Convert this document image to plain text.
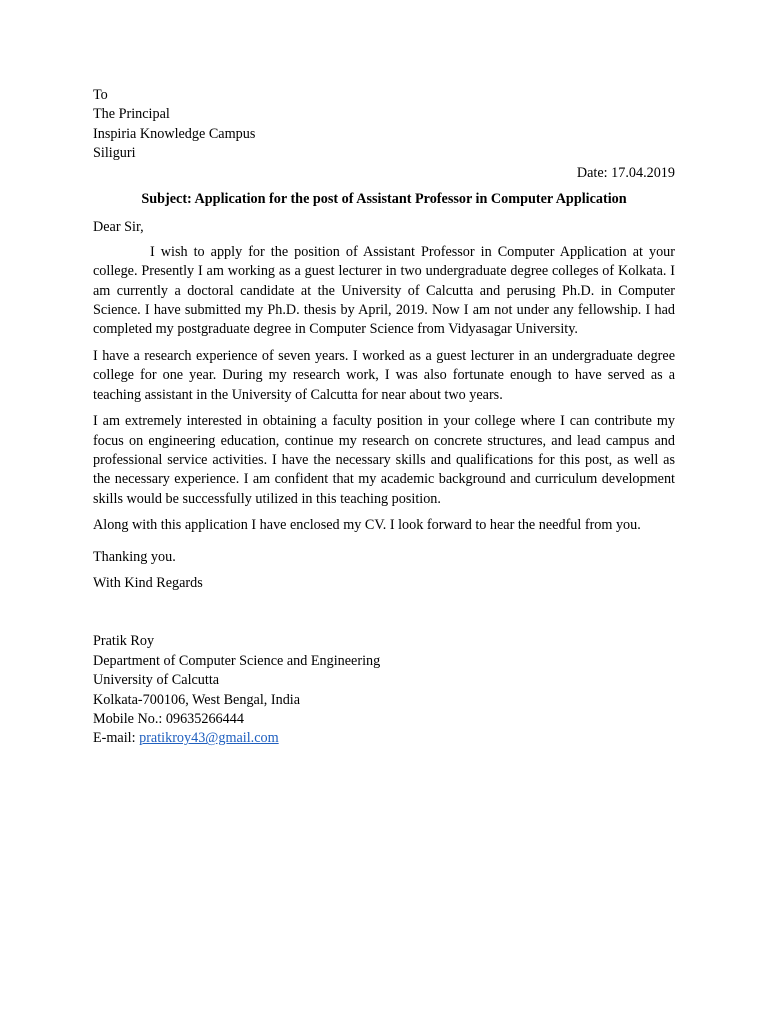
To
The Principal
Inspiria Knowledge Campus
Siliguri
Date: 17.04.2019
Subject: Application for the post of Assistant Professor in Computer Application
Dear Sir,
I wish to apply for the position of Assistant Professor in Computer Application at your college. Presently I am working as a guest lecturer in two undergraduate degree colleges of Kolkata. I am currently a doctoral candidate at the University of Calcutta and perusing Ph.D. in Computer Science. I have submitted my Ph.D. thesis by April, 2019. Now I am not under any fellowship. I had completed my postgraduate degree in Computer Science from Vidyasagar University.
I have a research experience of seven years. I worked as a guest lecturer in an undergraduate degree college for one year. During my research work, I was also fortunate enough to have served as a teaching assistant in the University of Calcutta for near about two years.
I am extremely interested in obtaining a faculty position in your college where I can contribute my focus on engineering education, continue my research on concrete structures, and lead campus and professional service activities. I have the necessary skills and qualifications for this post, as well as the necessary experience. I am confident that my academic background and curriculum development skills would be successfully utilized in this teaching position.
Along with this application I have enclosed my CV. I look forward to hear the needful from you.
Thanking you.
With Kind Regards
Pratik Roy
Department of Computer Science and Engineering
University of Calcutta
Kolkata-700106, West Bengal, India
Mobile No.: 09635266444
E-mail: pratikroy43@gmail.com
